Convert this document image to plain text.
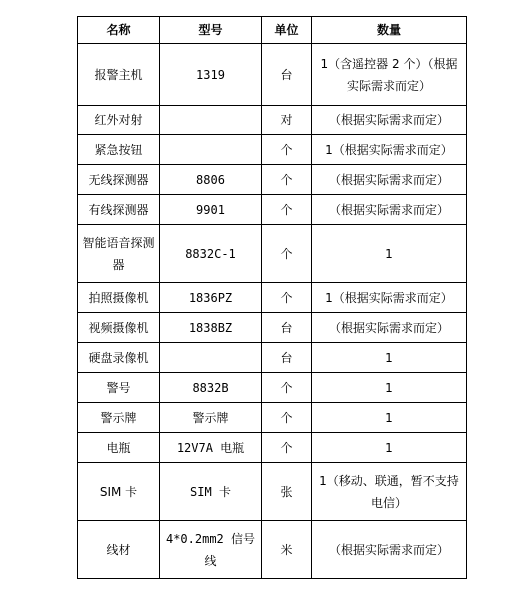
名称	型号	单位	数量
报警主机	1319	台	1（含遥控器 2 个）（根据实际需求而定）
红外对射		对	（根据实际需求而定）
紧急按钮		个	1（根据实际需求而定）
无线探测器	8806	个	（根据实际需求而定）
有线探测器	9901	个	（根据实际需求而定）
智能语音探测器	8832C-1	个	1
拍照摄像机	1836PZ	个	1（根据实际需求而定）
视频摄像机	1838BZ	台	（根据实际需求而定）
硬盘录像机		台	1
警号	8832B	个	1
警示牌	警示牌	个	1
电瓶	12V7A 电瓶	个	1
SIM 卡	SIM 卡	张	1（移动、联通，暂不支持电信）
线材	4*0.2mm2 信号线	米	（根据实际需求而定）
